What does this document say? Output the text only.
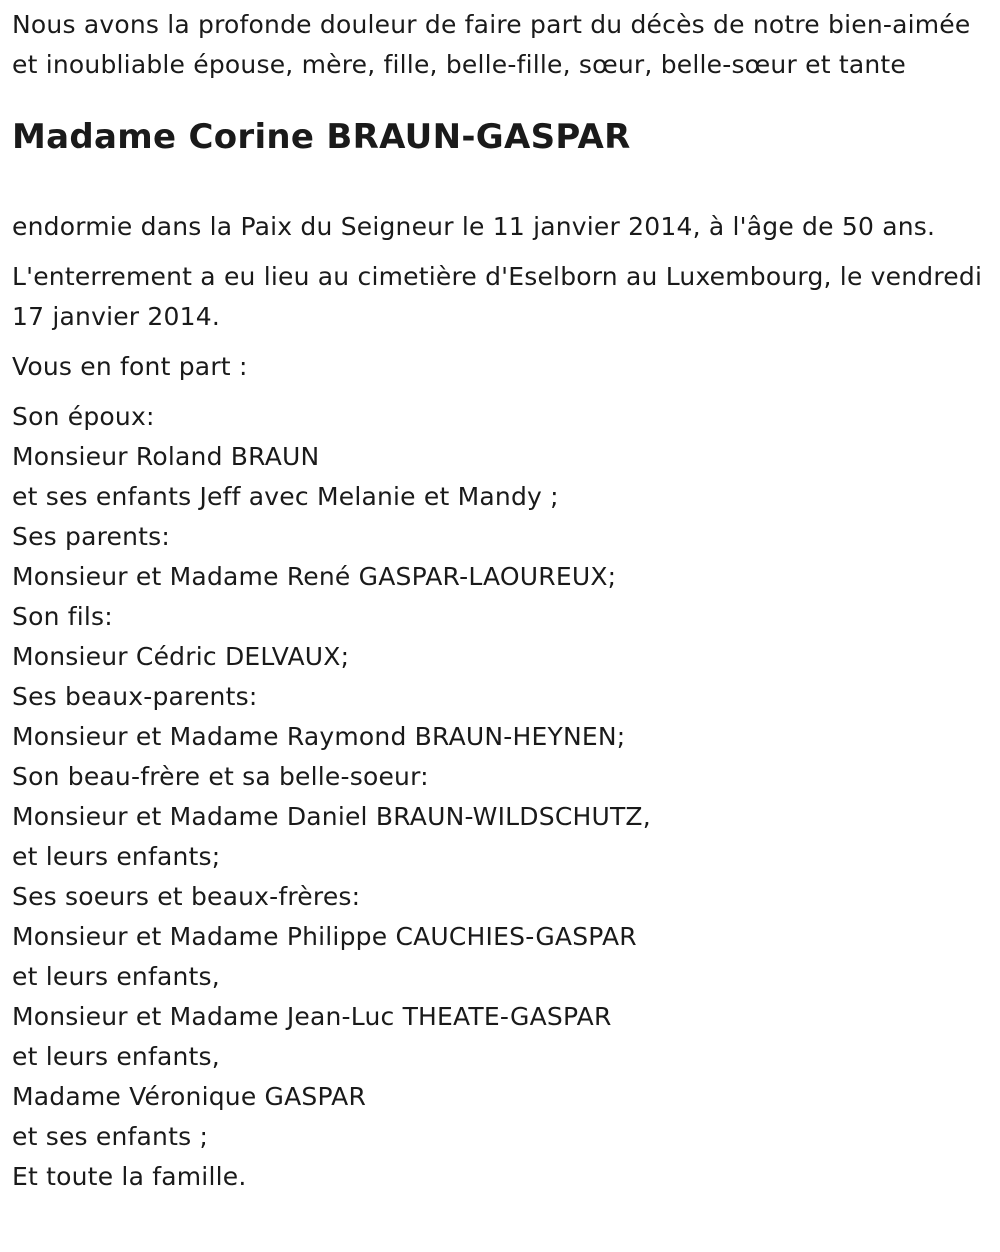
Nous avons la profonde douleur de faire part du décès de notre bien-aimée et inoubliable épouse, mère, fille, belle-fille, sœur, belle-sœur et tante

Madame Corine BRAUN-GASPAR

endormie dans la Paix du Seigneur le 11 janvier 2014, à l'âge de 50 ans.

L'enterrement a eu lieu au cimetière d'Eselborn au Luxembourg, le vendredi 17 janvier 2014.

Vous en font part :

Son époux:
Monsieur Roland BRAUN
et ses enfants Jeff avec Melanie et Mandy ;
Ses parents:
Monsieur et Madame René GASPAR-LAOUREUX;
Son fils:
Monsieur Cédric DELVAUX;
Ses beaux-parents:
Monsieur et Madame Raymond BRAUN-HEYNEN;
Son beau-frère et sa belle-soeur:
Monsieur et Madame Daniel BRAUN-WILDSCHUTZ,
et leurs enfants;
Ses soeurs et beaux-frères:
Monsieur et Madame Philippe CAUCHIES-GASPAR
et leurs enfants,
Monsieur et Madame Jean-Luc THEATE-GASPAR
et leurs enfants,
Madame Véronique GASPAR
et ses enfants ;
Et toute la famille.
